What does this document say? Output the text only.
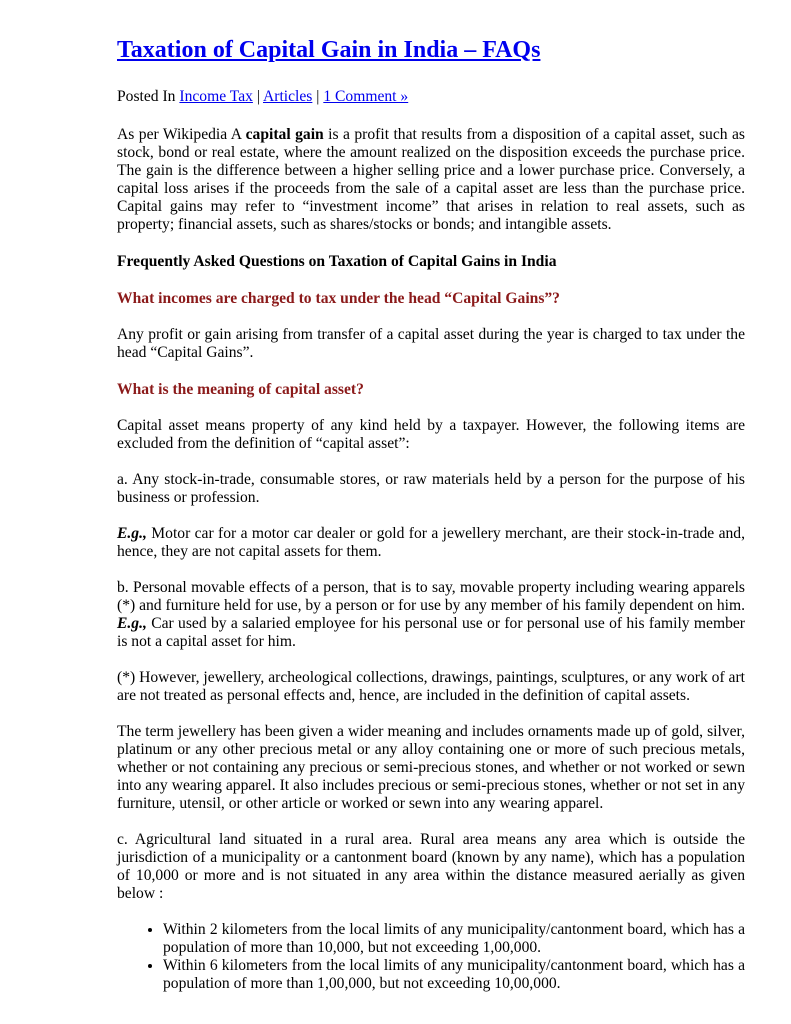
Taxation of Capital Gain in India – FAQs
Posted In Income Tax | Articles | 1 Comment »

As per Wikipedia A capital gain is a profit that results from a disposition of a capital asset, such as stock, bond or real estate, where the amount realized on the disposition exceeds the purchase price. The gain is the difference between a higher selling price and a lower purchase price. Conversely, a capital loss arises if the proceeds from the sale of a capital asset are less than the purchase price. Capital gains may refer to “investment income” that arises in relation to real assets, such as property; financial assets, such as shares/stocks or bonds; and intangible assets.

Frequently Asked Questions on Taxation of Capital Gains in India

What incomes are charged to tax under the head “Capital Gains”?

Any profit or gain arising from transfer of a capital asset during the year is charged to tax under the head “Capital Gains”.

What is the meaning of capital asset?

Capital asset means property of any kind held by a taxpayer. However, the following items are excluded from the definition of “capital asset”:

a. Any stock-in-trade, consumable stores, or raw materials held by a person for the purpose of his business or profession.

E.g., Motor car for a motor car dealer or gold for a jewellery merchant, are their stock-in-trade and, hence, they are not capital assets for them.

b. Personal movable effects of a person, that is to say, movable property including wearing apparels (*) and furniture held for use, by a person or for use by any member of his family dependent on him. E.g., Car used by a salaried employee for his personal use or for personal use of his family member is not a capital asset for him.

(*) However, jewellery, archeological collections, drawings, paintings, sculptures, or any work of art are not treated as personal effects and, hence, are included in the definition of capital assets.

The term jewellery has been given a wider meaning and includes ornaments made up of gold, silver, platinum or any other precious metal or any alloy containing one or more of such precious metals, whether or not containing any precious or semi-precious stones, and whether or not worked or sewn into any wearing apparel. It also includes precious or semi-precious stones, whether or not set in any furniture, utensil, or other article or worked or sewn into any wearing apparel.

c. Agricultural land situated in a rural area. Rural area means any area which is outside the jurisdiction of a municipality or a cantonment board (known by any name), which has a population of 10,000 or more and is not situated in any area within the distance measured aerially as given below :

• Within 2 kilometers from the local limits of any municipality/cantonment board, which has a population of more than 10,000, but not exceeding 1,00,000.
• Within 6 kilometers from the local limits of any municipality/cantonment board, which has a population of more than 1,00,000, but not exceeding 10,00,000.
